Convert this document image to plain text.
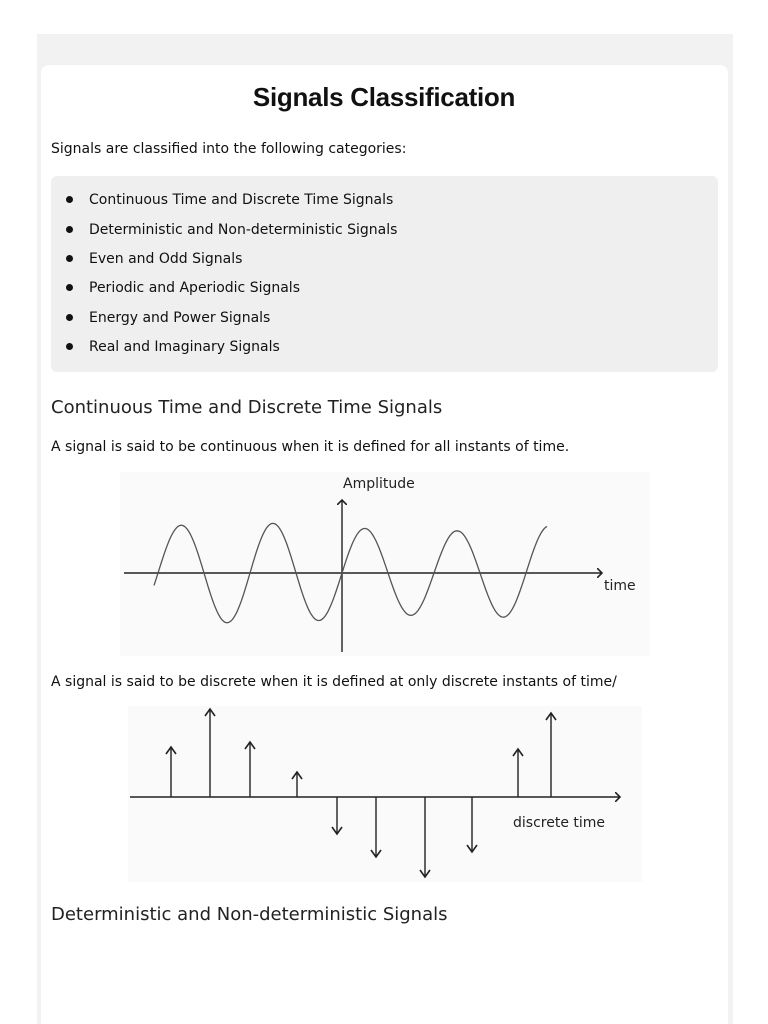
Signals Classification

Signals are classified into the following categories:

Continuous Time and Discrete Time Signals
Deterministic and Non-deterministic Signals
Even and Odd Signals
Periodic and Aperiodic Signals
Energy and Power Signals
Real and Imaginary Signals
Continuous Time and Discrete Time Signals

A signal is said to be continuous when it is defined for all instants of time.

Amplitude
time

A signal is said to be discrete when it is defined at only discrete instants of time/

discrete time
Deterministic and Non-deterministic Signals
